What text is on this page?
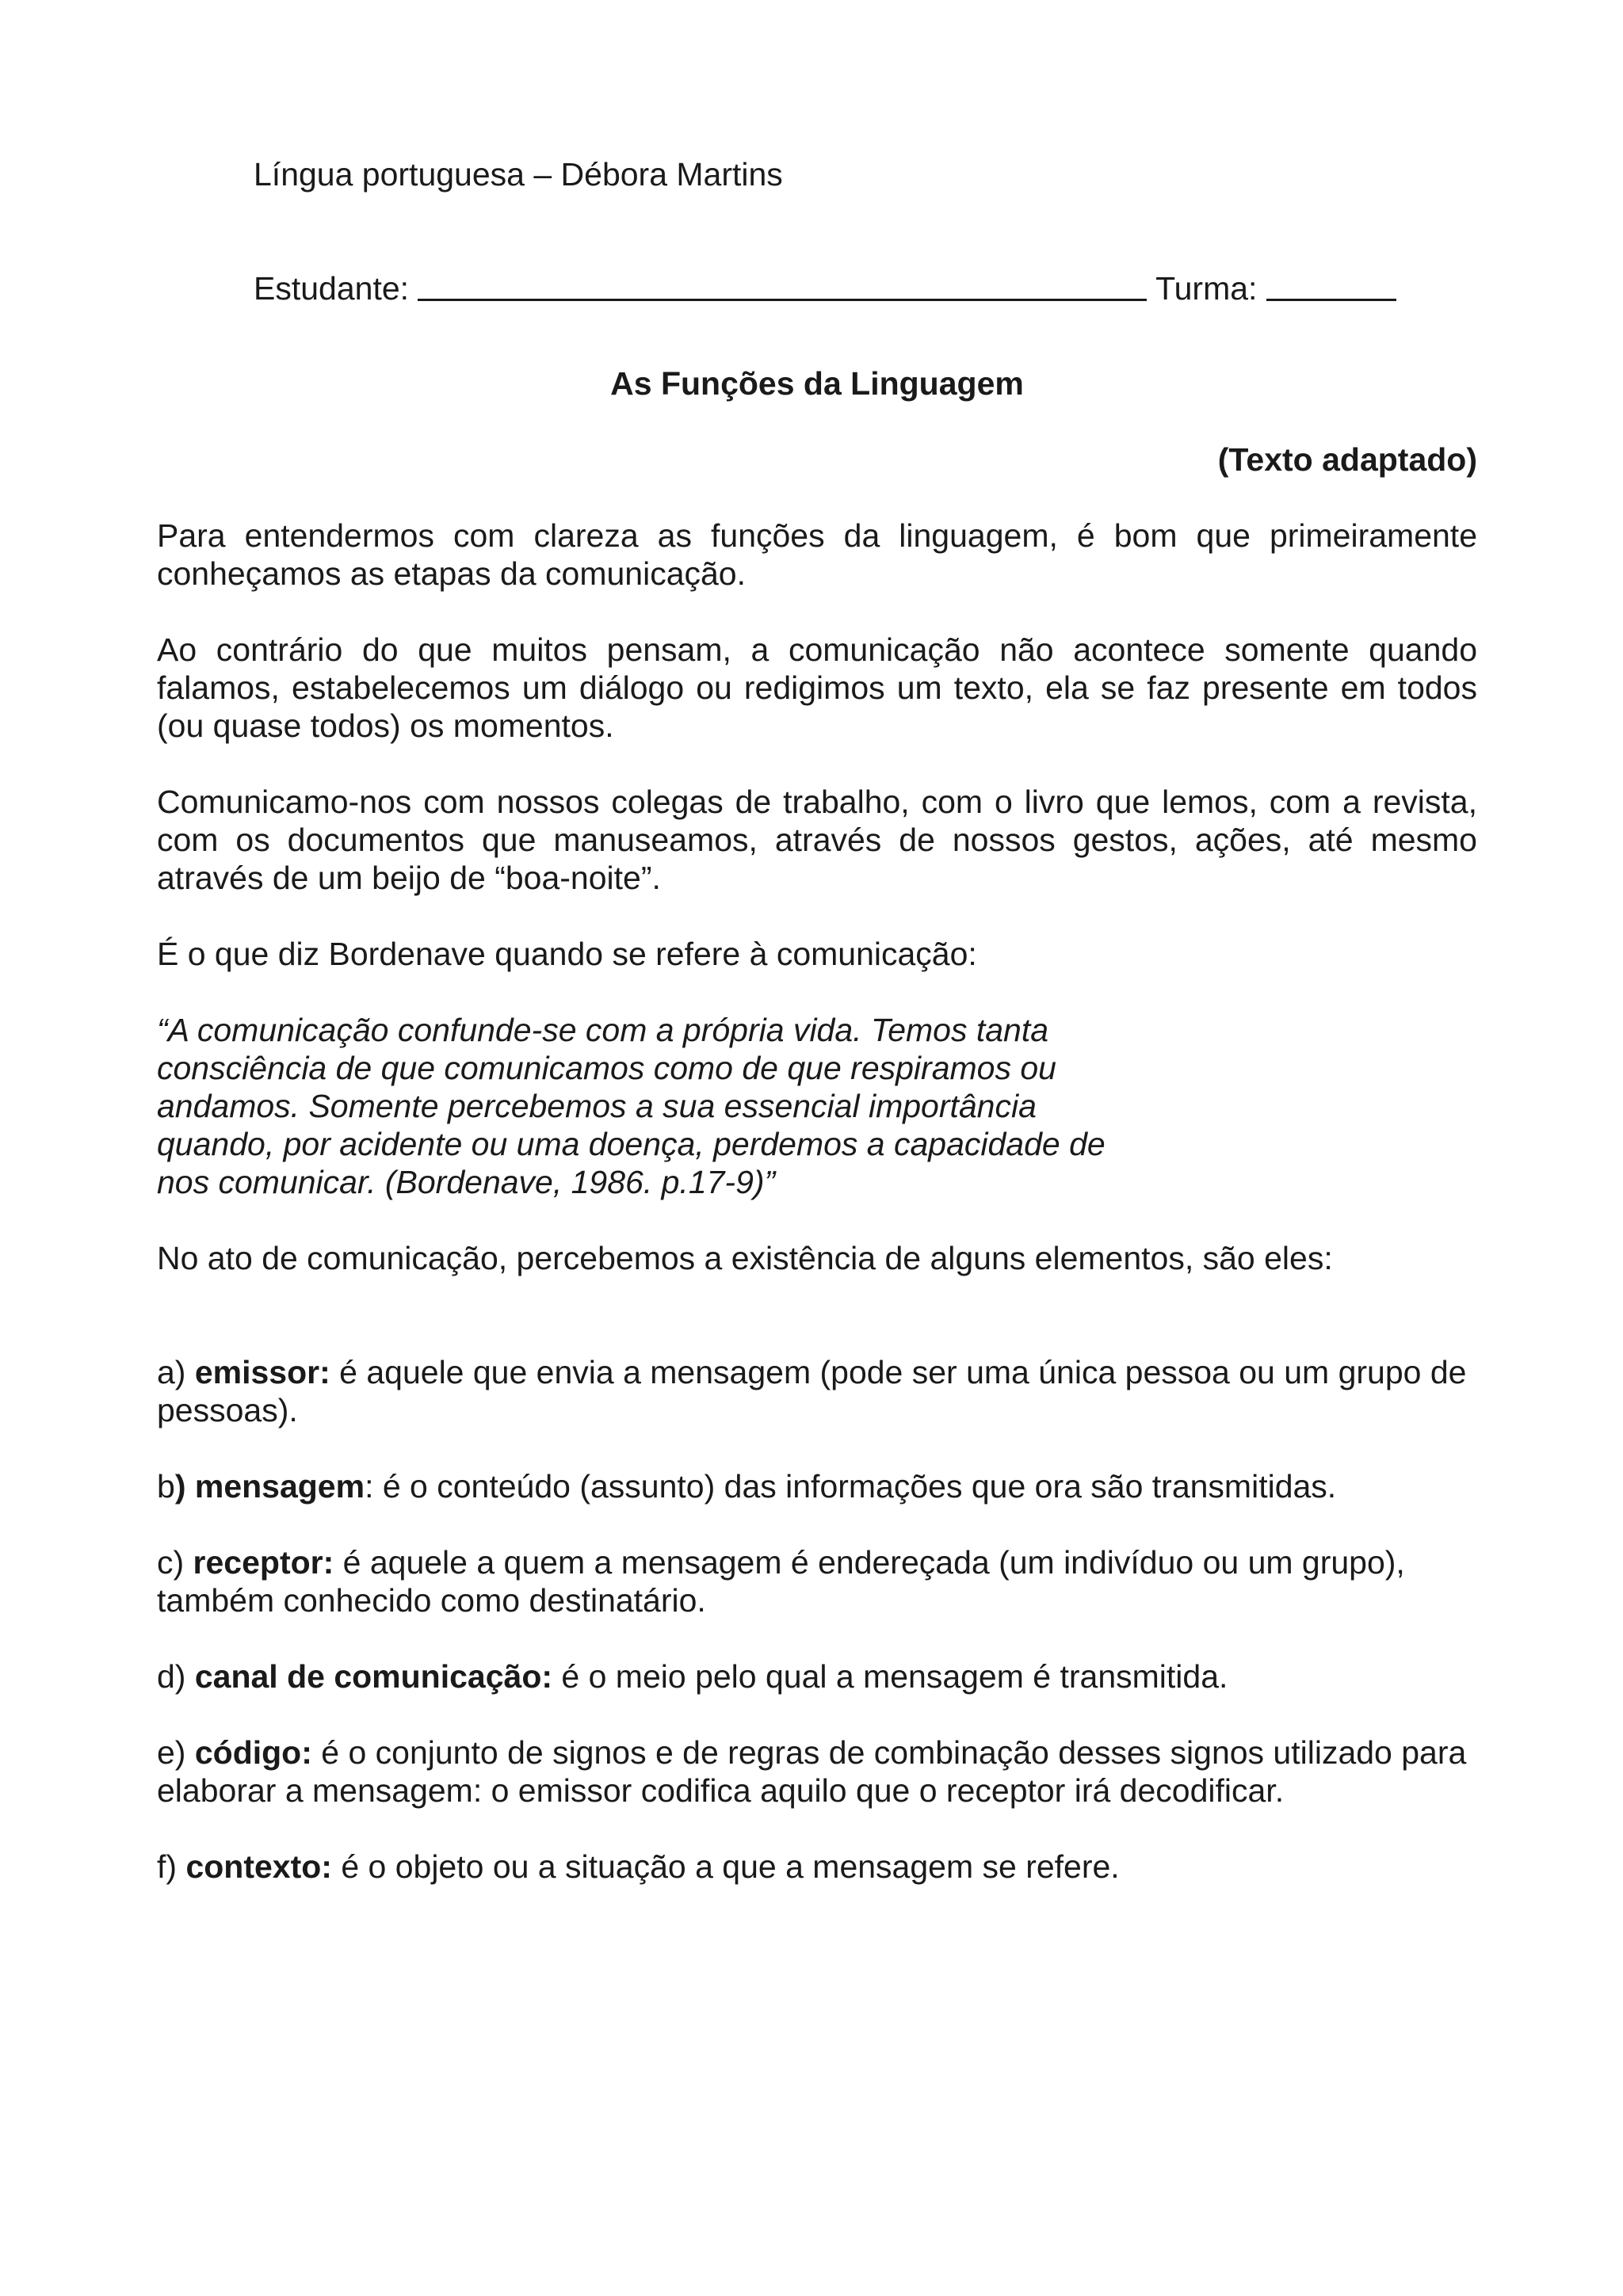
Língua portuguesa – Débora Martins
Estudante:	Turma:
As Funções da Linguagem
(Texto adaptado)

Para entendermos com clareza as funções da linguagem, é bom que primeiramente conheçamos as etapas da comunicação.

Ao contrário do que muitos pensam, a comunicação não acontece somente quando falamos, estabelecemos um diálogo ou redigimos um texto, ela se faz presente em todos (ou quase todos) os momentos.

Comunicamo-nos com nossos colegas de trabalho, com o livro que lemos, com a revista, com os documentos que manuseamos, através de nossos gestos, ações, até mesmo através de um beijo de “boa-noite”.

É o que diz Bordenave quando se refere à comunicação:

“A comunicação confunde-se com a própria vida. Temos tanta consciência de que comunicamos como de que respiramos ou andamos. Somente percebemos a sua essencial importância quando, por acidente ou uma doença, perdemos a capacidade de nos comunicar. (Bordenave, 1986. p.17-9)”

No ato de comunicação, percebemos a existência de alguns elementos, são eles:

a) emissor: é aquele que envia a mensagem (pode ser uma única pessoa ou um grupo de pessoas).

b) mensagem: é o conteúdo (assunto) das informações que ora são transmitidas.

c) receptor: é aquele a quem a mensagem é endereçada (um indivíduo ou um grupo), também conhecido como destinatário.

d) canal de comunicação: é o meio pelo qual a mensagem é transmitida.

e) código: é o conjunto de signos e de regras de combinação desses signos utilizado para elaborar a mensagem: o emissor codifica aquilo que o receptor irá decodificar.

f) contexto: é o objeto ou a situação a que a mensagem se refere.
